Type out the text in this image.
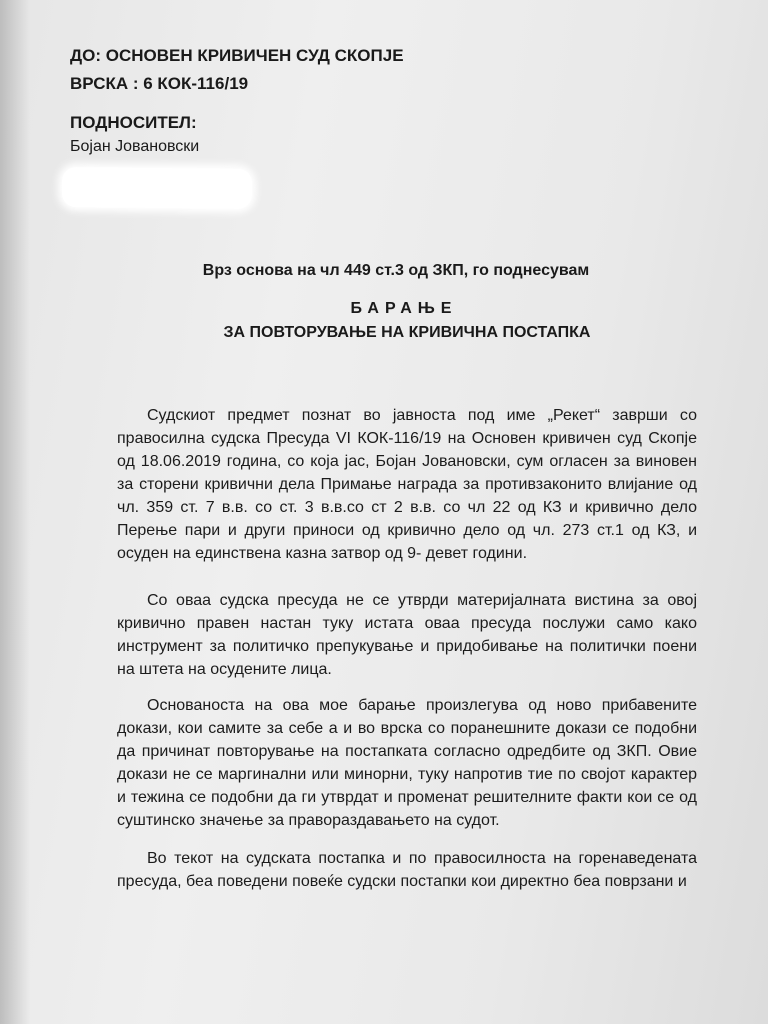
ДО: ОСНОВЕН КРИВИЧЕН СУД СКОПЈЕ
ВРСКА : 6 КОК-116/19
ПОДНОСИТЕЛ:
Бојан Јовановски
Врз основа на чл 449 ст.3 од ЗКП, го поднесувам
БАРАЊЕ
ЗА ПОВТОРУВАЊЕ НА КРИВИЧНА ПОСТАПКА
Судскиот предмет познат во јавноста под име „Рекет“ заврши со правосилна судска Пресуда VI КОК-116/19 на Основен кривичен суд Скопје од 18.06.2019 година, со која јас, Бојан Јовановски, сум огласен за виновен за сторени кривични дела Примање награда за противзаконито влијание од чл. 359 ст. 7 в.в. со ст. 3 в.в.со ст 2 в.в. со чл 22 од КЗ и кривично дело Перење пари и други приноси од кривично дело од чл. 273 ст.1 од КЗ, и осуден на единствена казна затвор од 9- девет години.
Со оваа судска пресуда не се утврди материјалната вистина за овој кривично правен настан туку истата оваа пресуда послужи само како инструмент за политичко препукување и придобивање на политички поени на штета на осудените лица.
Основаноста на ова мое барање произлегува од ново прибавените докази, кои самите за себе а и во врска со поранешните докази се подобни да причинат повторување на постапката согласно одредбите од ЗКП. Овие докази не се маргинални или минорни, туку напротив тие по својот карактер и тежина се подобни да ги утврдат и променат решителните факти кои се од суштинско значење за правораздавањето на судот.
Во текот на судската постапка и по правосилноста на горенаведената пресуда, беа поведени повеќе судски постапки кои директно беа поврзани и
